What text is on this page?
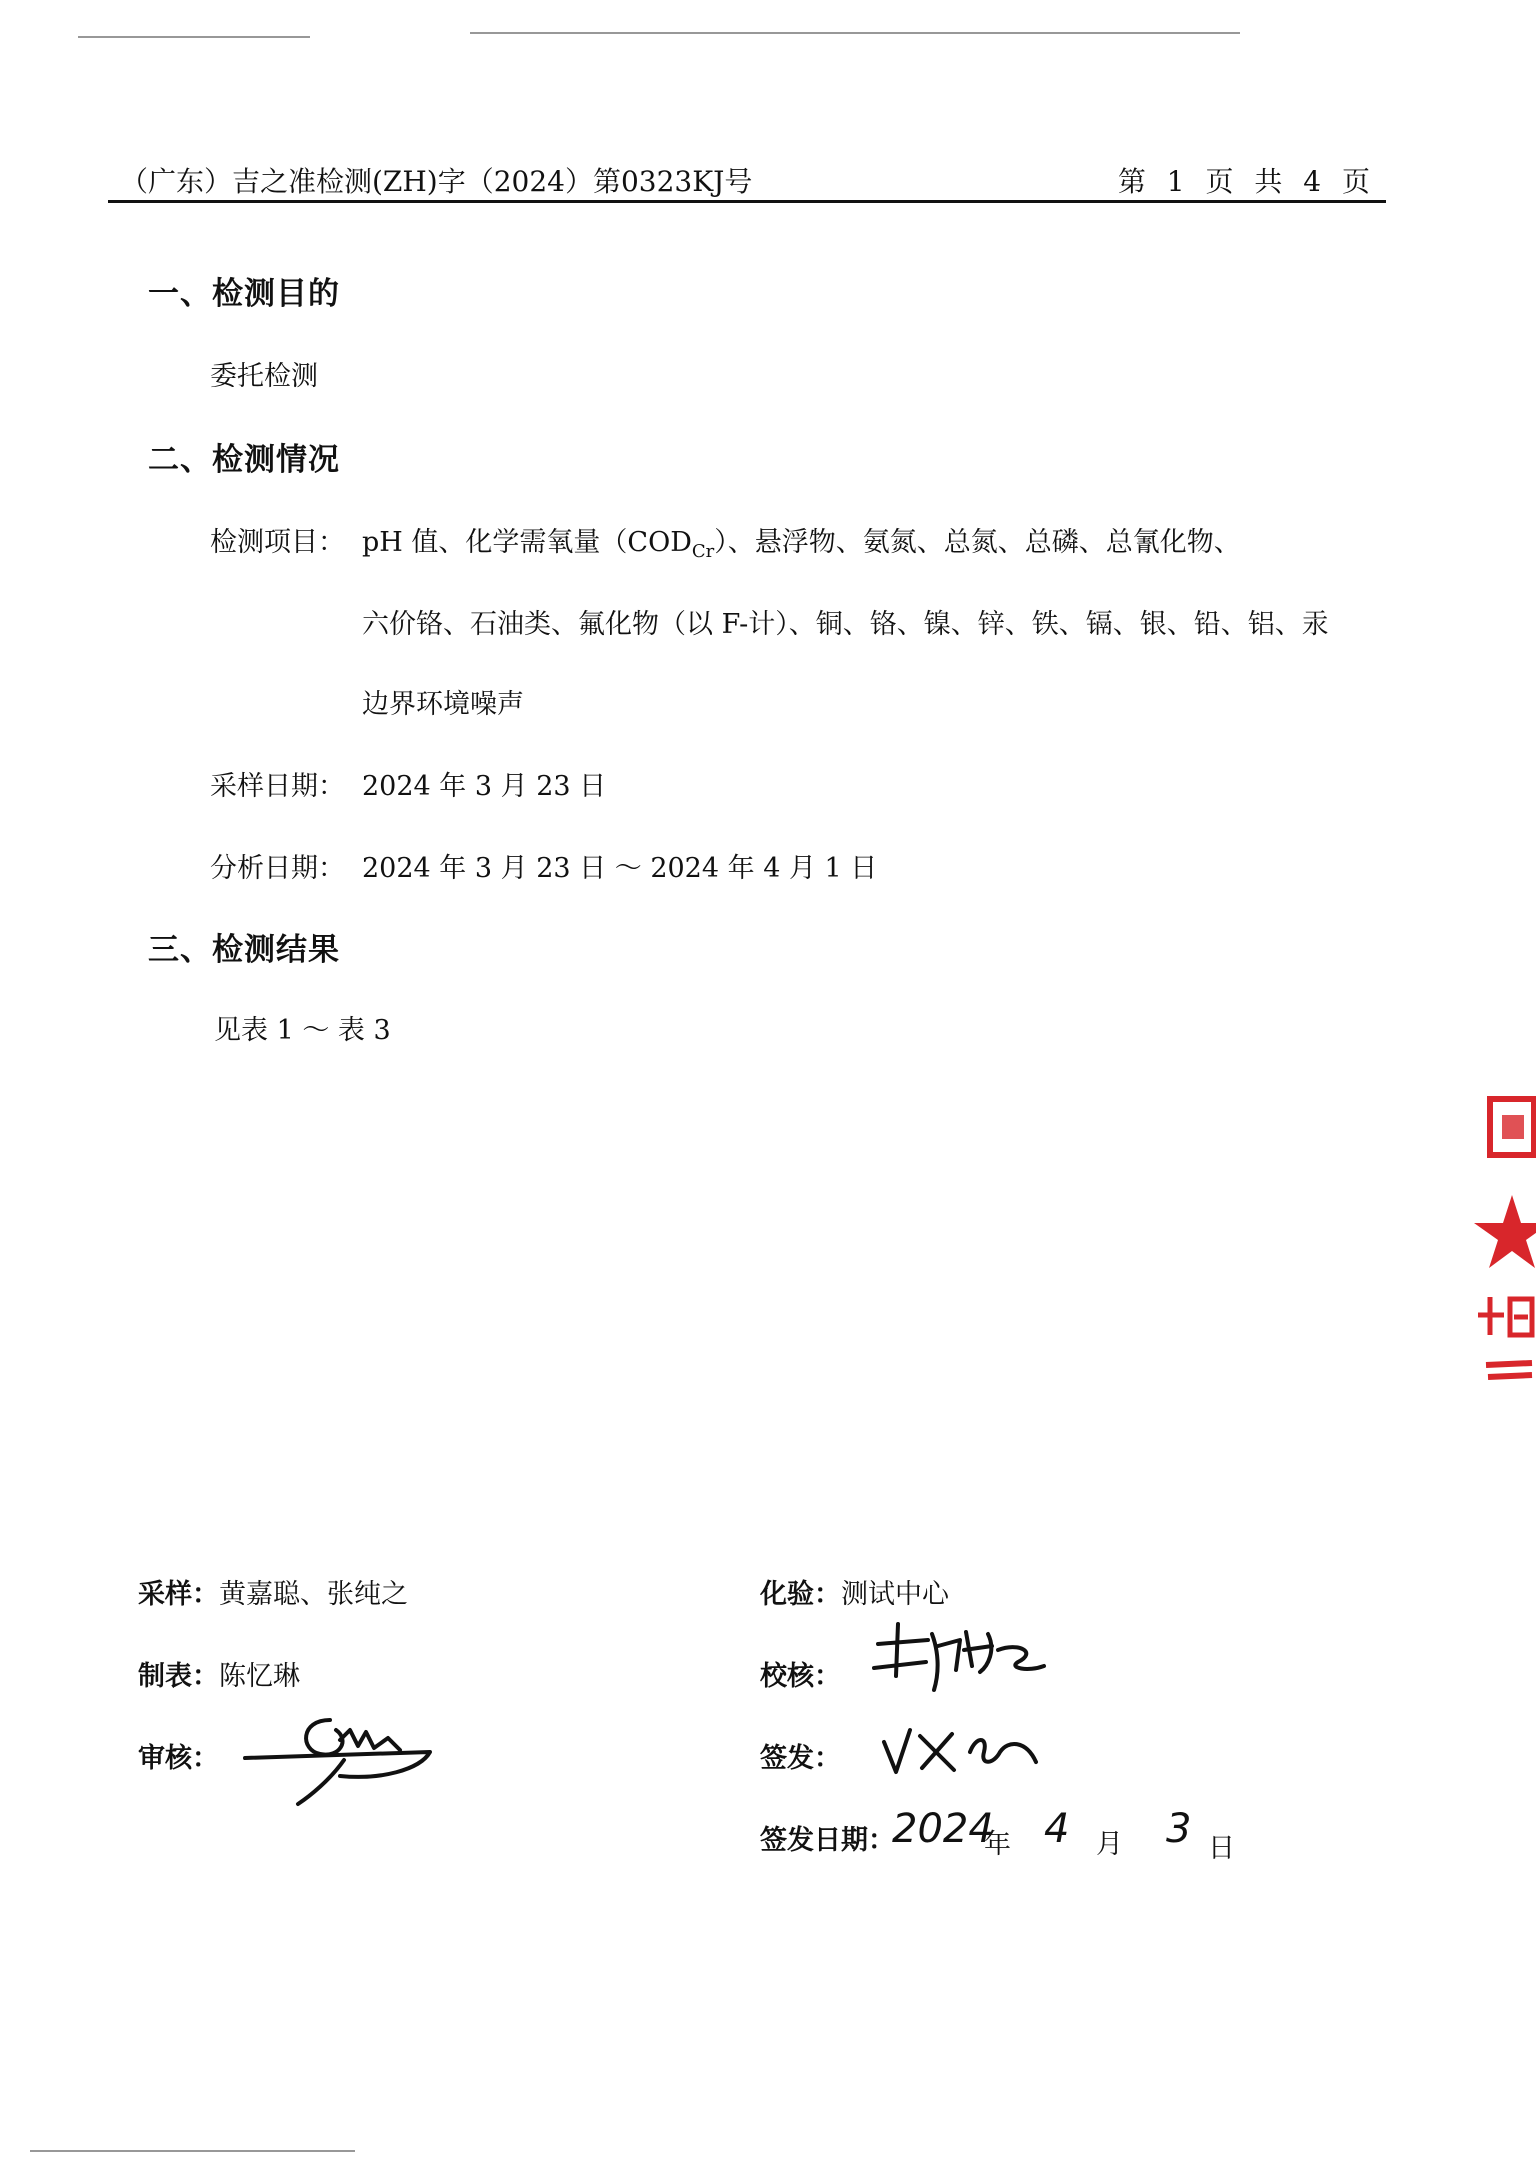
（广东）吉之准检测(ZH)字（2024）第0323KJ号	第 1 页 共 4 页
一、检测目的
委托检测
二、检测情况
检测项目： pH 值、化学需氧量$(COD_{Cr})$、悬浮物、氨氮、总氮、总磷、总氰化物、
六价铬、石油类、氟化物（以 F-计）、铜、铬、镍、锌、铁、镉、银、铅、铝、汞
边界环境噪声
采样日期： 2024 年 3 月 23 日
分析日期： 2024 年 3 月 23 日 ～ 2024 年 4 月 1 日
三、检测结果
见表 1 ～ 表 3
采样：黄嘉聪、张纯之
制表：陈忆琳
审核：
化验：测试中心
校核：
签发：
签发日期：
2024
年 4 月 3 日
